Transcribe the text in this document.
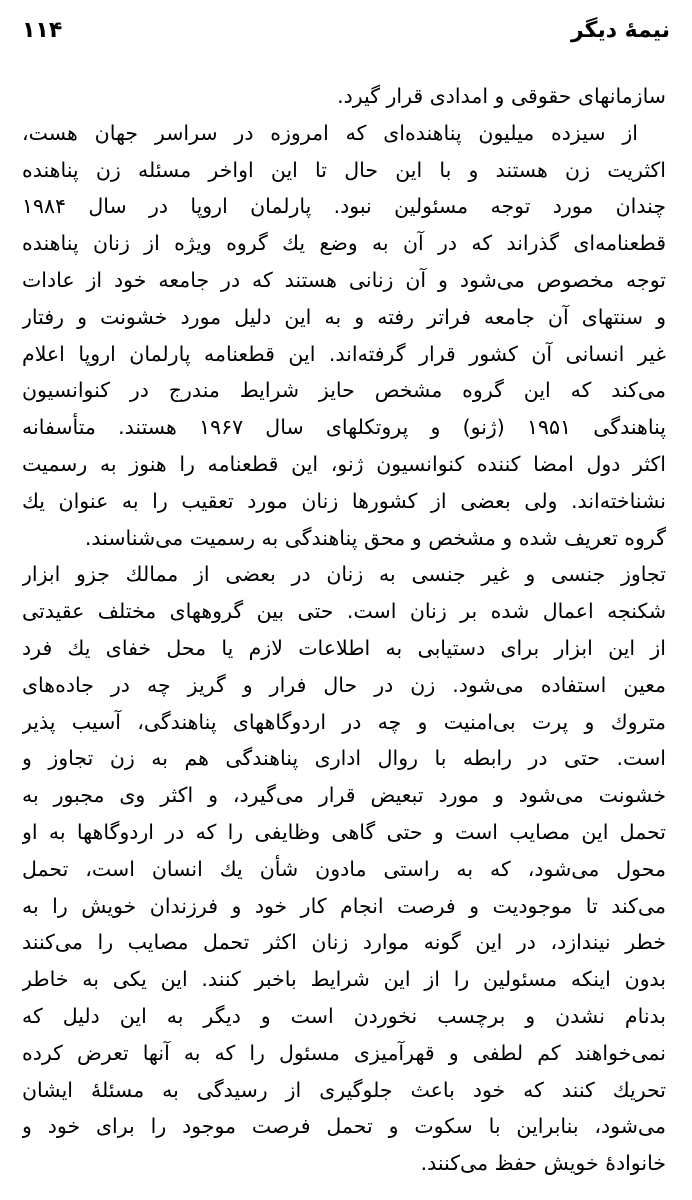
نيمهٔ ديگر
۱۱۴
سازمانهای حقوقی و امدادی قرار گیرد.
از سیزده میلیون پناهنده‌ای که امروزه در سراسر جهان هست،
اکثریت زن هستند و با این حال تا این اواخر مسئله زن پناهنده
چندان مورد توجه مسئولین نبود. پارلمان اروپا در سال ۱۹۸۴
قطعنامه‌ای گذراند که در آن به وضع یك گروه ویژه از زنان پناهنده
توجه مخصوص می‌شود و آن زنانی هستند که در جامعه خود از عادات
و سنتهای آن جامعه فراتر رفته و به این دلیل مورد خشونت و رفتار
غیر انسانی آن کشور قرار گرفته‌اند. این قطعنامه پارلمان اروپا اعلام
می‌کند که این گروه مشخص حایز شرایط مندرج در کنوانسیون
پناهندگی ۱۹۵۱ (ژنو) و پروتکلهای سال ۱۹۶۷ هستند. متأسفانه
اکثر دول امضا کننده کنوانسیون ژنو، این قطعنامه را هنوز به رسمیت
نشناخته‌اند. ولی بعضی از کشورها زنان مورد تعقیب را به عنوان یك
گروه تعریف شده و مشخص و محق پناهندگی به رسمیت می‌شناسند.
تجاوز جنسی و غیر جنسی به زنان در بعضی از ممالك جزو ابزار
شکنجه اعمال شده بر زنان است. حتی بین گروههای مختلف عقیدتی
از این ابزار برای دستیابی به اطلاعات لازم یا محل خفای یك فرد
معین استفاده می‌شود. زن در حال فرار و گریز چه در جاده‌های
متروك و پرت بی‌امنیت و چه در اردوگاههای پناهندگی، آسیب پذیر
است. حتی در رابطه با روال اداری پناهندگی هم به زن تجاوز و
خشونت می‌شود و مورد تبعیض قرار می‌گیرد، و اکثر وی مجبور به
تحمل این مصایب است و حتی گاهی وظایفی را که در اردوگاهها به او
محول می‌شود، که به راستی مادون شأن یك انسان است، تحمل
می‌کند تا موجودیت و فرصت انجام کار خود و فرزندان خویش را به
خطر نیندازد، در این گونه موارد زنان اکثر تحمل مصایب را می‌کنند
بدون اینکه مسئولین را از این شرایط باخبر کنند. این یکی به خاطر
بدنام نشدن و برچسب نخوردن است و دیگر به این دلیل که
نمی‌خواهند کم لطفی و قهرآمیزی مسئول را که به آنها تعرض کرده
تحریك کنند که خود باعث جلوگیری از رسیدگی به مسئلهٔ ایشان
می‌شود، بنابراین با سکوت و تحمل فرصت موجود را برای خود و
خانوادهٔ خویش حفظ می‌کنند.
